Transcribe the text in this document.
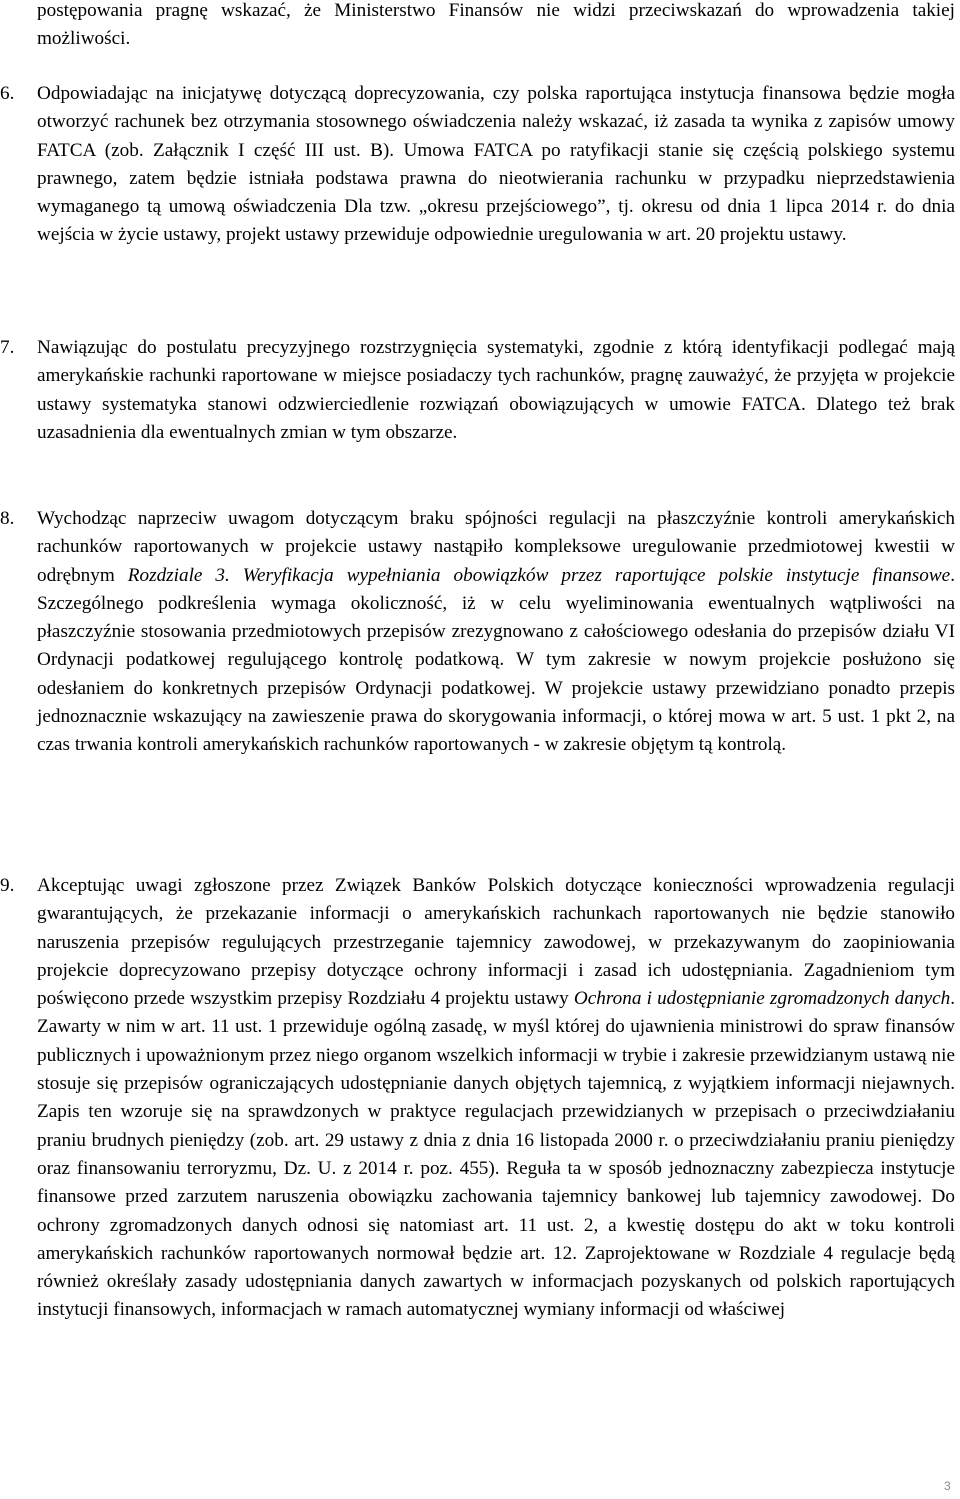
postępowania pragnę wskazać, że Ministerstwo Finansów nie widzi przeciwskazań do wprowadzenia takiej możliwości.
6.	Odpowiadając na inicjatywę dotyczącą doprecyzowania, czy polska raportująca instytucja finansowa będzie mogła otworzyć rachunek bez otrzymania stosownego oświadczenia należy wskazać, iż zasada ta wynika z zapisów umowy FATCA (zob. Załącznik I część III ust. B). Umowa FATCA po ratyfikacji stanie się częścią polskiego systemu prawnego, zatem będzie istniała podstawa prawna do nieotwierania rachunku w przypadku nieprzedstawienia wymaganego tą umową oświadczenia Dla tzw. „okresu przejściowego”, tj. okresu od dnia 1 lipca 2014 r. do dnia wejścia w życie ustawy, projekt ustawy przewiduje odpowiednie uregulowania w art. 20 projektu ustawy.
7.	Nawiązując do postulatu precyzyjnego rozstrzygnięcia systematyki, zgodnie z którą identyfikacji podlegać mają amerykańskie rachunki raportowane w miejsce posiadaczy tych rachunków, pragnę zauważyć, że przyjęta w projekcie ustawy systematyka stanowi odzwierciedlenie rozwiązań obowiązujących w umowie FATCA. Dlatego też brak uzasadnienia dla ewentualnych zmian w tym obszarze.
8.	Wychodząc naprzeciw uwagom dotyczącym braku spójności regulacji na płaszczyźnie kontroli amerykańskich rachunków raportowanych w projekcie ustawy nastąpiło kompleksowe uregulowanie przedmiotowej kwestii w odrębnym Rozdziale 3. Weryfikacja wypełniania obowiązków przez raportujące polskie instytucje finansowe. Szczególnego podkreślenia wymaga okoliczność, iż w celu wyeliminowania ewentualnych wątpliwości na płaszczyźnie stosowania przedmiotowych przepisów zrezygnowano z całościowego odesłania do przepisów działu VI Ordynacji podatkowej regulującego kontrolę podatkową. W tym zakresie w nowym projekcie posłużono się odesłaniem do konkretnych przepisów Ordynacji podatkowej. W projekcie ustawy przewidziano ponadto przepis jednoznacznie wskazujący na zawieszenie prawa do skorygowania informacji, o której mowa w art. 5 ust. 1 pkt 2, na czas trwania kontroli amerykańskich rachunków raportowanych - w zakresie objętym tą kontrolą.
9.	Akceptując uwagi zgłoszone przez Związek Banków Polskich dotyczące konieczności wprowadzenia regulacji gwarantujących, że przekazanie informacji o amerykańskich rachunkach raportowanych nie będzie stanowiło naruszenia przepisów regulujących przestrzeganie tajemnicy zawodowej, w przekazywanym do zaopiniowania projekcie doprecyzowano przepisy dotyczące ochrony informacji i zasad ich udostępniania. Zagadnieniom tym poświęcono przede wszystkim przepisy Rozdziału 4 projektu ustawy Ochrona i udostępnianie zgromadzonych danych. Zawarty w nim w art. 11 ust. 1 przewiduje ogólną zasadę, w myśl której do ujawnienia ministrowi do spraw finansów publicznych i upoważnionym przez niego organom wszelkich informacji w trybie i zakresie przewidzianym ustawą nie stosuje się przepisów ograniczających udostępnianie danych objętych tajemnicą, z wyjątkiem informacji niejawnych. Zapis ten wzoruje się na sprawdzonych w praktyce regulacjach przewidzianych w przepisach o przeciwdziałaniu praniu brudnych pieniędzy (zob. art. 29 ustawy z dnia z dnia 16 listopada 2000 r. o przeciwdziałaniu praniu pieniędzy oraz finansowaniu terroryzmu, Dz. U. z 2014 r. poz. 455). Reguła ta w sposób jednoznaczny zabezpiecza instytucje finansowe przed zarzutem naruszenia obowiązku zachowania tajemnicy bankowej lub tajemnicy zawodowej. Do ochrony zgromadzonych danych odnosi się natomiast art. 11 ust. 2, a kwestię dostępu do akt w toku kontroli amerykańskich rachunków raportowanych normował będzie art. 12. Zaprojektowane w Rozdziale 4 regulacje będą również określały zasady udostępniania danych zawartych w informacjach pozyskanych od polskich raportujących instytucji finansowych, informacjach w ramach automatycznej wymiany informacji od właściwej
3
